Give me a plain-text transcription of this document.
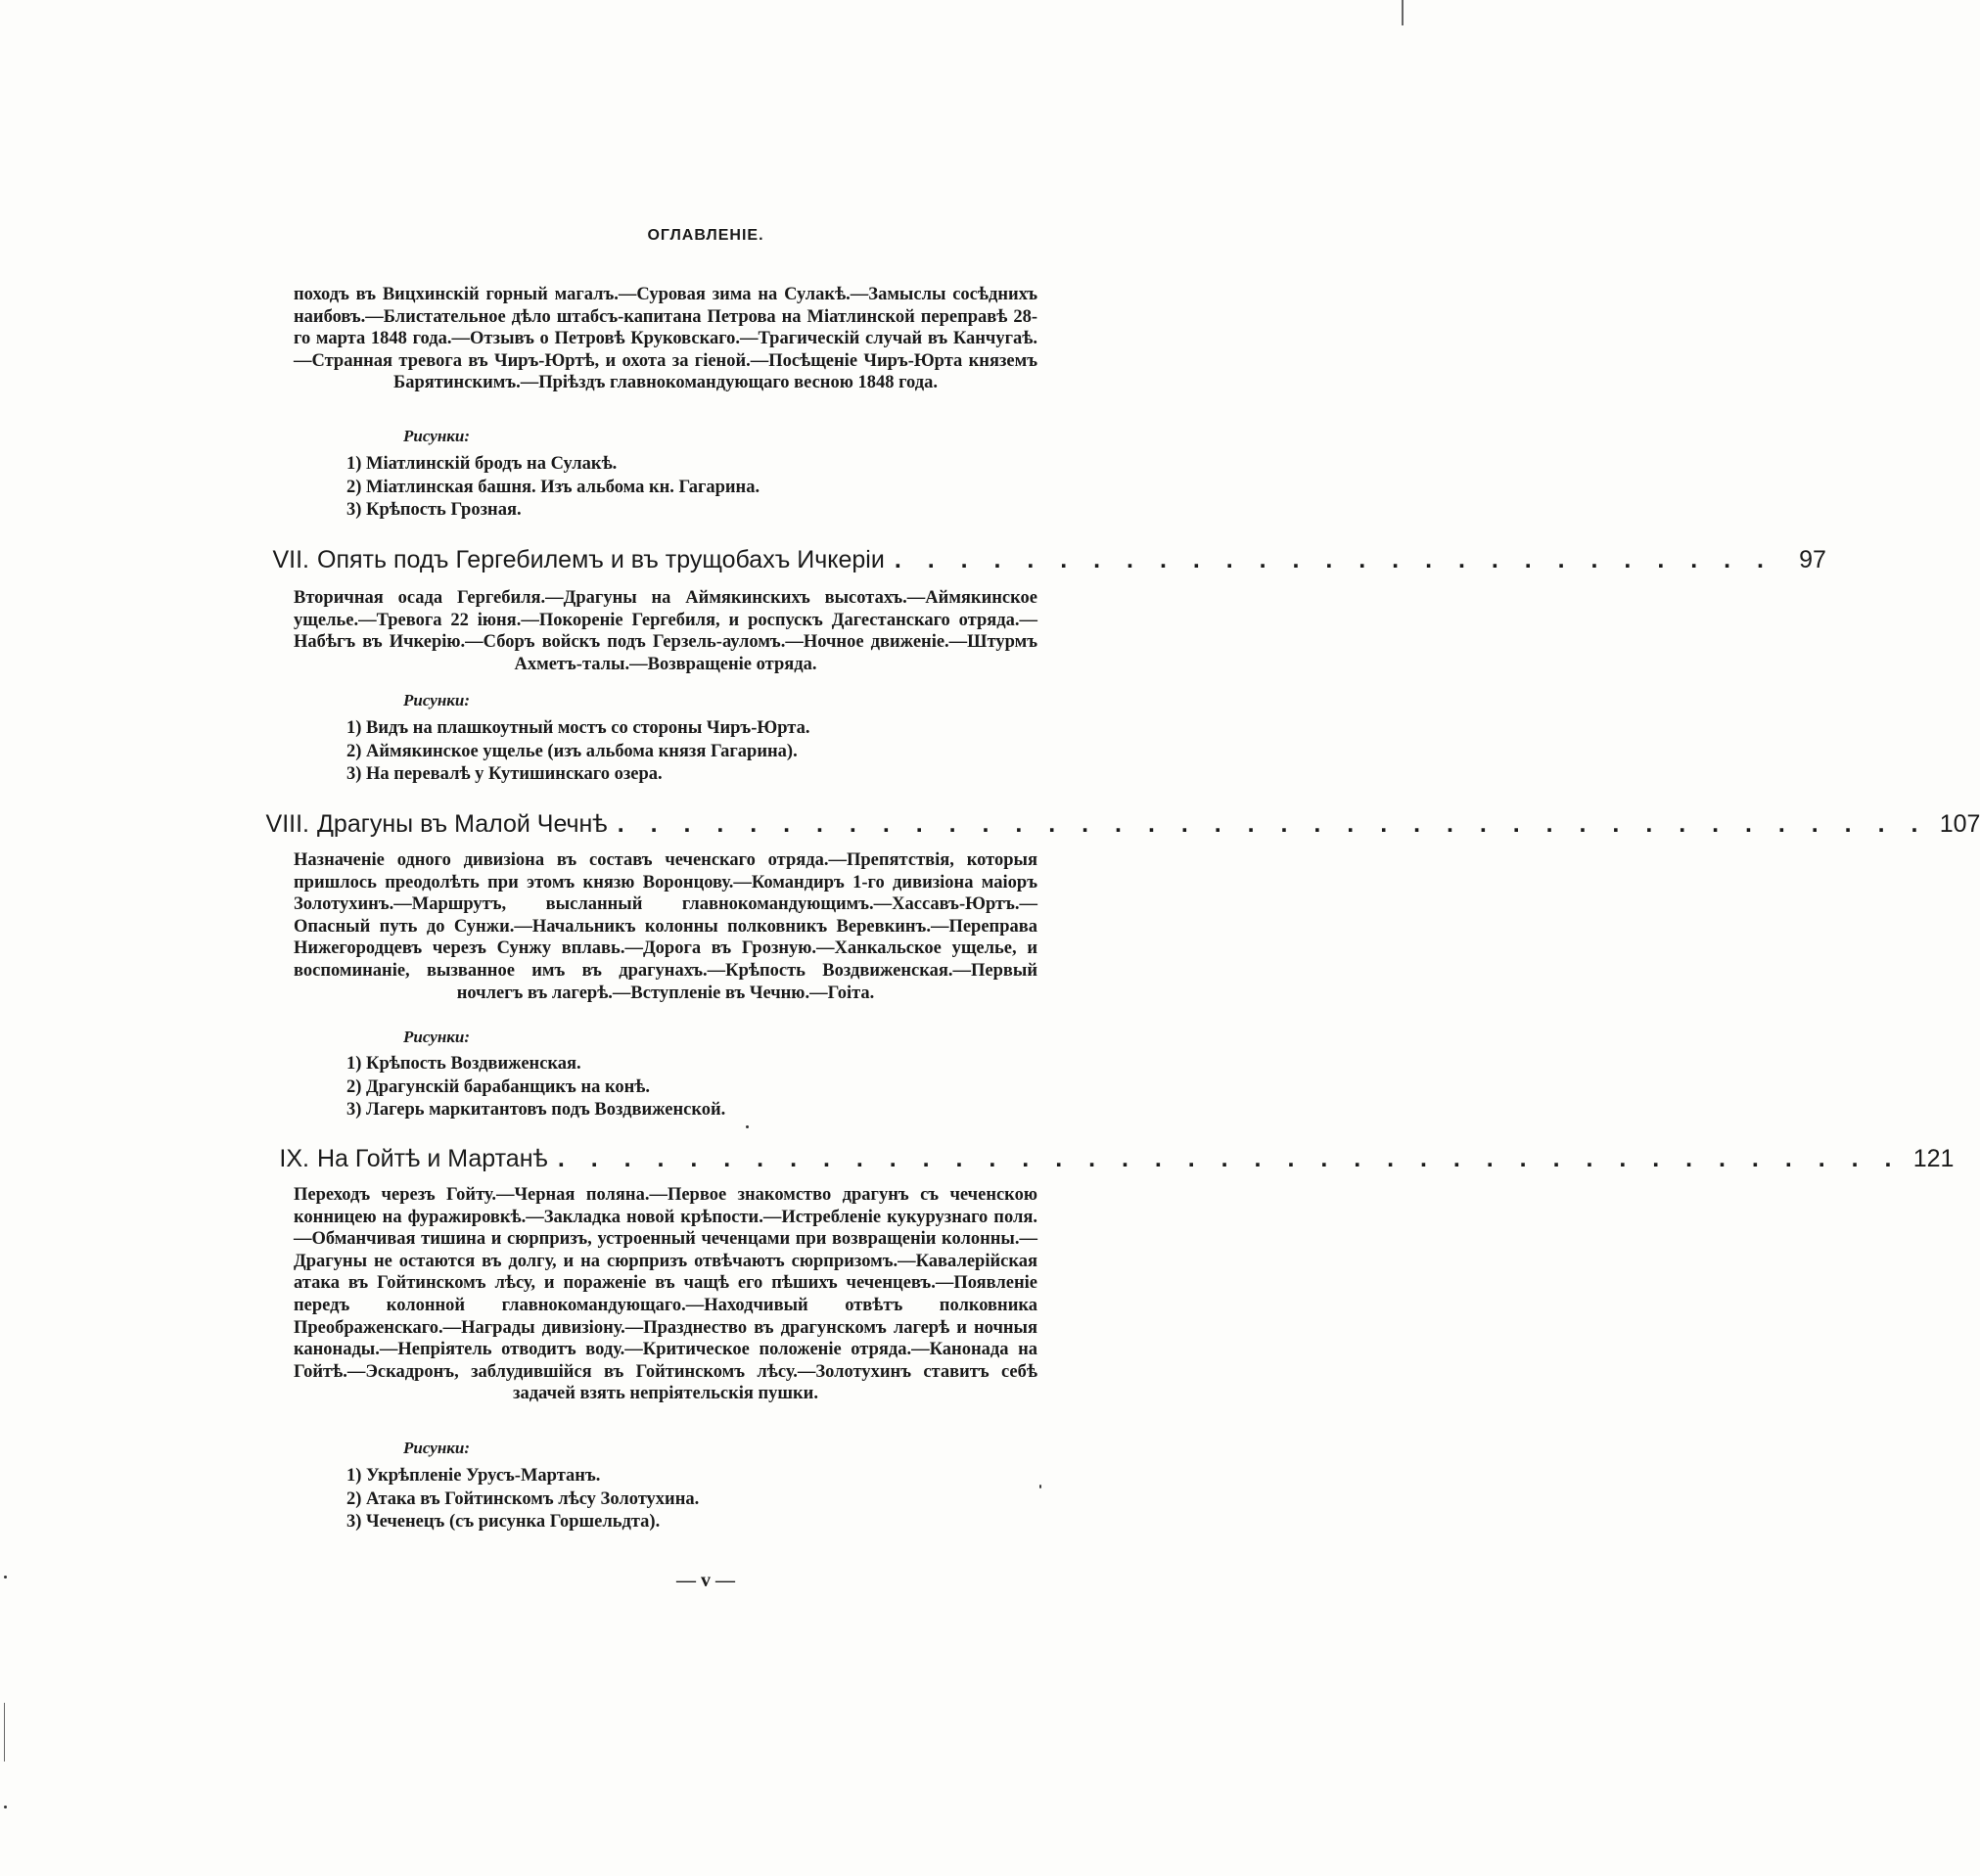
ОГЛАВЛЕНІЕ.
походъ въ Вицхинскій горный магалъ.—Суровая зима на Сулакѣ.—Замыслы сосѣднихъ наибовъ.—Блистательное дѣло штабсъ-капитана Петрова на Міатлинской переправѣ 28-го марта 1848 года.—Отзывъ о Петровѣ Круковскаго.—Трагическій случай въ Канчугаѣ.—Странная тревога въ Чиръ-Юртѣ, и охота за гіеной.—Посѣщеніе Чиръ-Юрта княземъ Барятинскимъ.—Пріѣздъ главнокомандующаго весною 1848 года.
Рисунки:
1) Міатлинскій бродъ на Сулакѣ.
2) Міатлинская башня. Изъ альбома кн. Гагарина.
3) Крѣпость Грозная.
VII. Опять подъ Гергебилемъ и въ трущобахъ Ичкеріи . . . . . . . . . . . . . . . . . . . . . . . . . . .	97
Вторичная осада Гергебиля.—Драгуны на Аймякинскихъ высотахъ.—Аймякинское ущелье.—Тревога 22 іюня.—Покореніе Гергебиля, и роспускъ Дагестанскаго отряда.—Набѣгъ въ Ичкерію.—Сборъ войскъ подъ Герзель-ауломъ.—Ночное движеніе.—Штурмъ Ахметъ-талы.—Возвращеніе отряда.
Рисунки:
1) Видъ на плашкоутный мостъ со стороны Чиръ-Юрта.
2) Аймякинское ущелье (изъ альбома князя Гагарина).
3) На перевалѣ у Кутишинскаго озера.
VIII. Драгуны въ Малой Чечнѣ . . . . . . . . . . . . . . . . . . . . . . . . . . . . . . . . . . . . . . . . 107
Назначеніе одного дивизіона въ составъ чеченскаго отряда.—Препятствія, которыя пришлось преодолѣть при этомъ князю Воронцову.—Командиръ 1-го дивизіона маіоръ Золотухинъ.—Маршрутъ, высланный главнокомандующимъ.—Хассавъ-Юртъ.—Опасный путь до Сунжи.—Начальникъ колонны полковникъ Веревкинъ.—Переправа Нижегородцевъ черезъ Сунжу вплавь.—Дорога въ Грозную.—Ханкальское ущелье, и воспоминаніе, вызванное имъ въ драгунахъ.—Крѣпость Воздвиженская.—Первый ночлегъ въ лагерѣ.—Вступленіе въ Чечню.—Гоіта.
Рисунки:
1) Крѣпость Воздвиженская.
2) Драгунскій барабанщикъ на конѣ.
3) Лагерь маркитантовъ подъ Воздвиженской.
IX. На Гойтѣ и Мартанѣ . . . . . . . . . . . . . . . . . . . . . . . . . . . . . . . . . . . . . . . . . 121
Переходъ черезъ Гойту.—Черная поляна.—Первое знакомство драгунъ съ чеченскою конницею на фуражировкѣ.—Закладка новой крѣпости.—Истребленіе кукурузнаго поля.—Обманчивая тишина и сюрпризъ, устроенный чеченцами при возвращеніи колонны.—Драгуны не остаются въ долгу, и на сюрпризъ отвѣчаютъ сюрпризомъ.—Кавалерійская атака въ Гойтинскомъ лѣсу, и пораженіе въ чащѣ его пѣшихъ чеченцевъ.—Появленіе передъ колонной главнокомандующаго.—Находчивый отвѣтъ полковника Преображенскаго.—Награды дивизіону.—Празднество въ драгунскомъ лагерѣ и ночныя канонады.—Непріятель отводитъ воду.—Критическое положеніе отряда.—Канонада на Гойтѣ.—Эскадронъ, заблудившійся въ Гойтинскомъ лѣсу.—Золотухинъ ставитъ себѣ задачей взять непріятельскія пушки.
Рисунки:
1) Укрѣпленіе Урусъ-Мартанъ.
2) Атака въ Гойтинскомъ лѣсу Золотухина.
3) Чеченецъ (съ рисунка Горшельдта).
— v —
